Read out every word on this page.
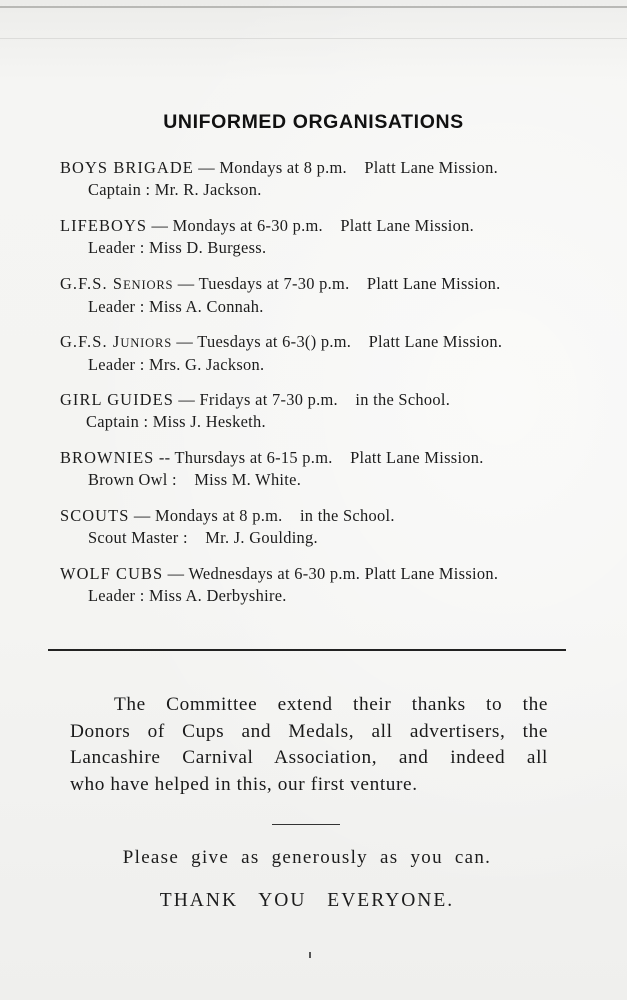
UNIFORMED ORGANISATIONS
BOYS BRIGADE — Mondays at 8 p.m. Platt Lane Mission.
Captain : Mr. R. Jackson.
LIFEBOYS — Mondays at 6-30 p.m. Platt Lane Mission.
Leader : Miss D. Burgess.
G.F.S. SENIORS — Tuesdays at 7-30 p.m. Platt Lane Mission.
Leader : Miss A. Connah.
G.F.S. JUNIORS — Tuesdays at 6-3() p.m. Platt Lane Mission.
Leader : Mrs. G. Jackson.
GIRL GUIDES — Fridays at 7-30 p.m. in the School.
Captain : Miss J. Hesketh.
BROWNIES -- Thursdays at 6-15 p.m. Platt Lane Mission.
Brown Owl : Miss M. White.
SCOUTS — Mondays at 8 p.m. in the School.
Scout Master : Mr. J. Goulding.
WOLF CUBS — Wednesdays at 6-30 p.m. Platt Lane Mission.
Leader : Miss A. Derbyshire.
The Committee extend their thanks to the
Donors of Cups and Medals, all advertisers, the
Lancashire Carnival Association, and indeed all
who have helped in this, our first venture.
Please give as generously as you can.
THANK YOU EVERYONE.
